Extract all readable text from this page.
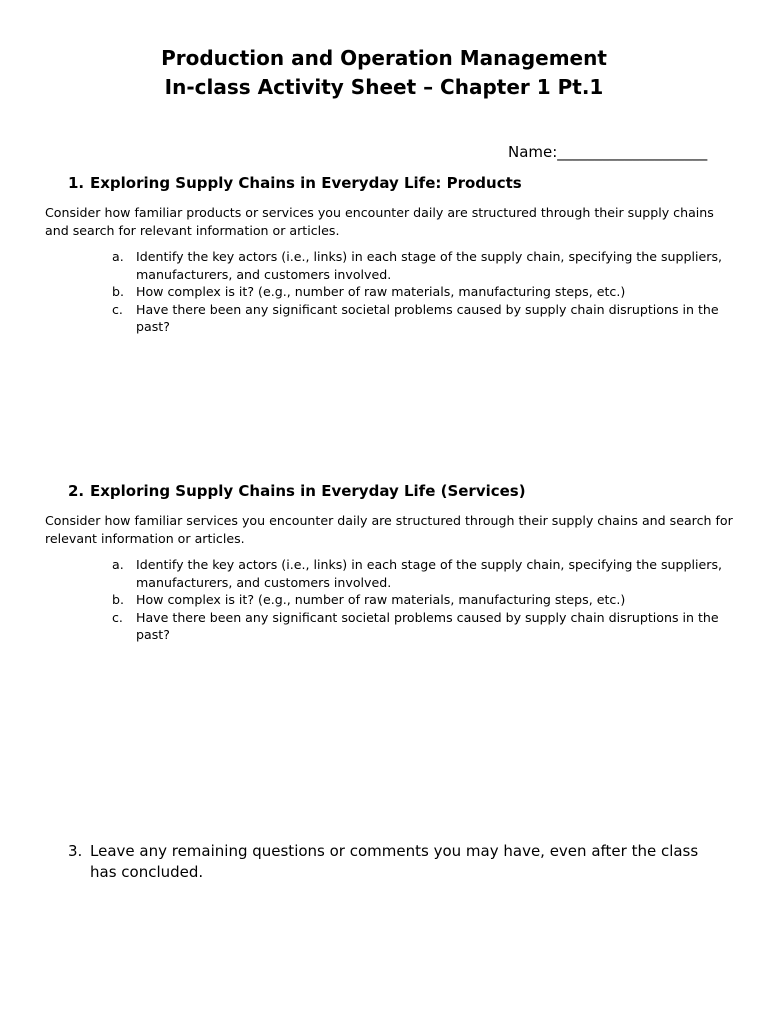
Production and Operation Management
In-class Activity Sheet – Chapter 1 Pt.1
Name:____________________
1. Exploring Supply Chains in Everyday Life: Products
Consider how familiar products or services you encounter daily are structured through their supply chains and search for relevant information or articles.
a. Identify the key actors (i.e., links) in each stage of the supply chain, specifying the suppliers, manufacturers, and customers involved.
b. How complex is it? (e.g., number of raw materials, manufacturing steps, etc.)
c. Have there been any significant societal problems caused by supply chain disruptions in the past?
2. Exploring Supply Chains in Everyday Life (Services)
Consider how familiar services you encounter daily are structured through their supply chains and search for relevant information or articles.
a. Identify the key actors (i.e., links) in each stage of the supply chain, specifying the suppliers, manufacturers, and customers involved.
b. How complex is it? (e.g., number of raw materials, manufacturing steps, etc.)
c. Have there been any significant societal problems caused by supply chain disruptions in the past?
3. Leave any remaining questions or comments you may have, even after the class has concluded.
